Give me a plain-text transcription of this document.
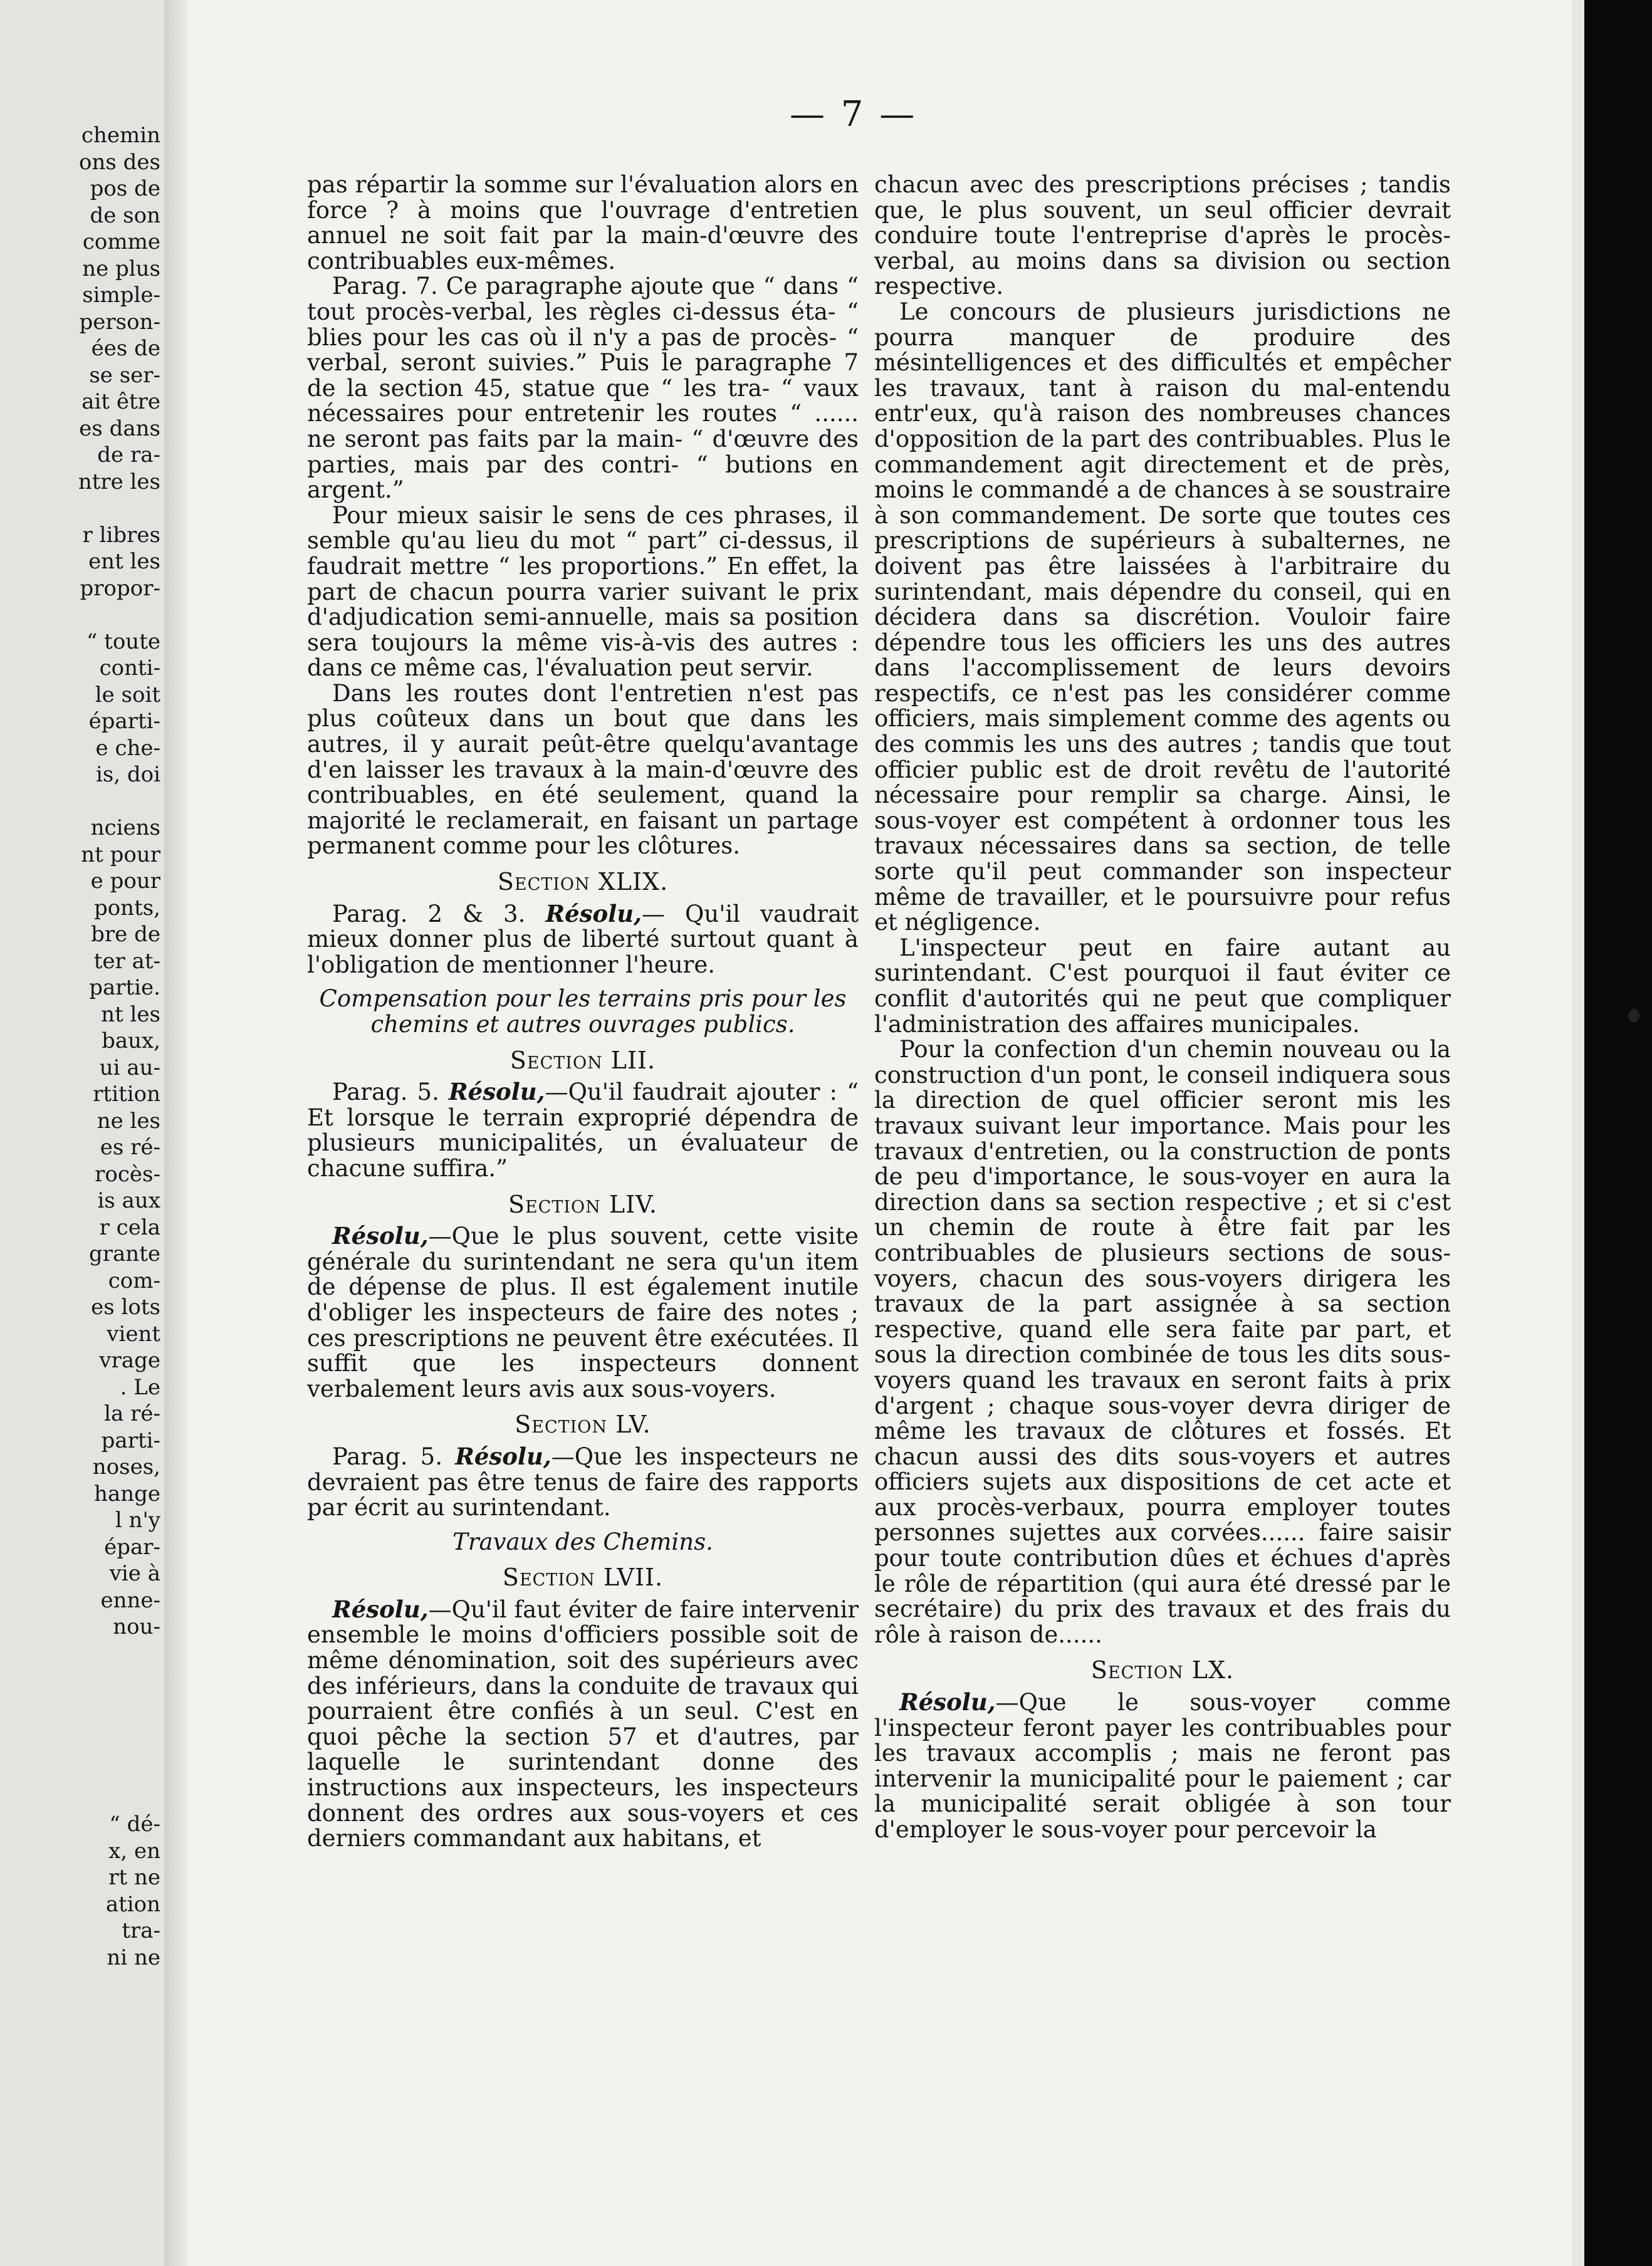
chemin
ons des
pos de
de son
comme
ne plus
simple-
person-
ées de
se ser-
ait être
es dans
de ra-
ntre les

r libres
ent les
propor-

“ toute
conti-
le soit
éparti-
e che-
is, doi

nciens
nt pour
e pour
ponts,
bre de
ter at-
partie.
nt les
baux,
ui au-
rtition
ne les
es ré-
rocès-
is aux
r cela
grante
com-
es lots
vient
vrage
. Le
la ré-
parti-
noses,
hange
l n'y
épar-
vie à
enne-
nou-
“ dé-
x, en
rt ne
ation
tra-
ni ne
— 7 —

pas répartir la somme sur l'évaluation alors en force ? à moins que l'ouvrage d'entretien annuel ne soit fait par la main-d'œuvre des contribuables eux-mêmes.

Parag. 7. Ce paragraphe ajoute que “ dans “ tout procès-verbal, les règles ci-dessus éta- “ blies pour les cas où il n'y a pas de procès- “ verbal, seront suivies.” Puis le paragraphe 7 de la section 45, statue que “ les tra- “ vaux nécessaires pour entretenir les routes “ ...... ne seront pas faits par la main- “ d'œuvre des parties, mais par des contri- “ butions en argent.”

Pour mieux saisir le sens de ces phrases, il semble qu'au lieu du mot “ part” ci-dessus, il faudrait mettre “ les proportions.” En effet, la part de chacun pourra varier suivant le prix d'adjudication semi-annuelle, mais sa position sera toujours la même vis-à-vis des autres : dans ce même cas, l'évaluation peut servir.

Dans les routes dont l'entretien n'est pas plus coûteux dans un bout que dans les autres, il y aurait peût-être quelqu'avantage d'en laisser les travaux à la main-d'œuvre des contribuables, en été seulement, quand la majorité le reclamerait, en faisant un partage permanent comme pour les clôtures.

Section XLIX.

Parag. 2 & 3. Résolu,— Qu'il vaudrait mieux donner plus de liberté surtout quant à l'obligation de mentionner l'heure.

Compensation pour les terrains pris pour les chemins et autres ouvrages publics.
Section LII.

Parag. 5. Résolu,—Qu'il faudrait ajouter : “ Et lorsque le terrain exproprié dépendra de plusieurs municipalités, un évaluateur de chacune suffira.”

Section LIV.

Résolu,—Que le plus souvent, cette visite générale du surintendant ne sera qu'un item de dépense de plus. Il est également inutile d'obliger les inspecteurs de faire des notes ; ces prescriptions ne peuvent être exécutées. Il suffit que les inspecteurs donnent verbalement leurs avis aux sous-voyers.

Section LV.

Parag. 5. Résolu,—Que les inspecteurs ne devraient pas être tenus de faire des rapports par écrit au surintendant.

Travaux des Chemins.
Section LVII.

Résolu,—Qu'il faut éviter de faire intervenir ensemble le moins d'officiers possible soit de même dénomination, soit des supérieurs avec des inférieurs, dans la conduite de travaux qui pourraient être confiés à un seul. C'est en quoi pêche la section 57 et d'autres, par laquelle le surintendant donne des instructions aux inspecteurs, les inspecteurs donnent des ordres aux sous-voyers et ces derniers commandant aux habitans, et

chacun avec des prescriptions précises ; tandis que, le plus souvent, un seul officier devrait conduire toute l'entreprise d'après le procès-verbal, au moins dans sa division ou section respective.

Le concours de plusieurs jurisdictions ne pourra manquer de produire des mésintelligences et des difficultés et empêcher les travaux, tant à raison du mal-entendu entr'eux, qu'à raison des nombreuses chances d'opposition de la part des contribuables. Plus le commandement agit directement et de près, moins le commandé a de chances à se soustraire à son commandement. De sorte que toutes ces prescriptions de supérieurs à subalternes, ne doivent pas être laissées à l'arbitraire du surintendant, mais dépendre du conseil, qui en décidera dans sa discrétion. Vouloir faire dépendre tous les officiers les uns des autres dans l'accomplissement de leurs devoirs respectifs, ce n'est pas les considérer comme officiers, mais simplement comme des agents ou des commis les uns des autres ; tandis que tout officier public est de droit revêtu de l'autorité nécessaire pour remplir sa charge. Ainsi, le sous-voyer est compétent à ordonner tous les travaux nécessaires dans sa section, de telle sorte qu'il peut commander son inspecteur même de travailler, et le poursuivre pour refus et négligence.

L'inspecteur peut en faire autant au surintendant. C'est pourquoi il faut éviter ce conflit d'autorités qui ne peut que compliquer l'administration des affaires municipales.

Pour la confection d'un chemin nouveau ou la construction d'un pont, le conseil indiquera sous la direction de quel officier seront mis les travaux suivant leur importance. Mais pour les travaux d'entretien, ou la construction de ponts de peu d'importance, le sous-voyer en aura la direction dans sa section respective ; et si c'est un chemin de route à être fait par les contribuables de plusieurs sections de sous-voyers, chacun des sous-voyers dirigera les travaux de la part assignée à sa section respective, quand elle sera faite par part, et sous la direction combinée de tous les dits sous-voyers quand les travaux en seront faits à prix d'argent ; chaque sous-voyer devra diriger de même les travaux de clôtures et fossés. Et chacun aussi des dits sous-voyers et autres officiers sujets aux dispositions de cet acte et aux procès-verbaux, pourra employer toutes personnes sujettes aux corvées...... faire saisir pour toute contribution dûes et échues d'après le rôle de répartition (qui aura été dressé par le secrétaire) du prix des travaux et des frais du rôle à raison de......

Section LX.

Résolu,—Que le sous-voyer comme l'inspecteur feront payer les contribuables pour les travaux accomplis ; mais ne feront pas intervenir la municipalité pour le paiement ; car la municipalité serait obligée à son tour d'employer le sous-voyer pour percevoir la
